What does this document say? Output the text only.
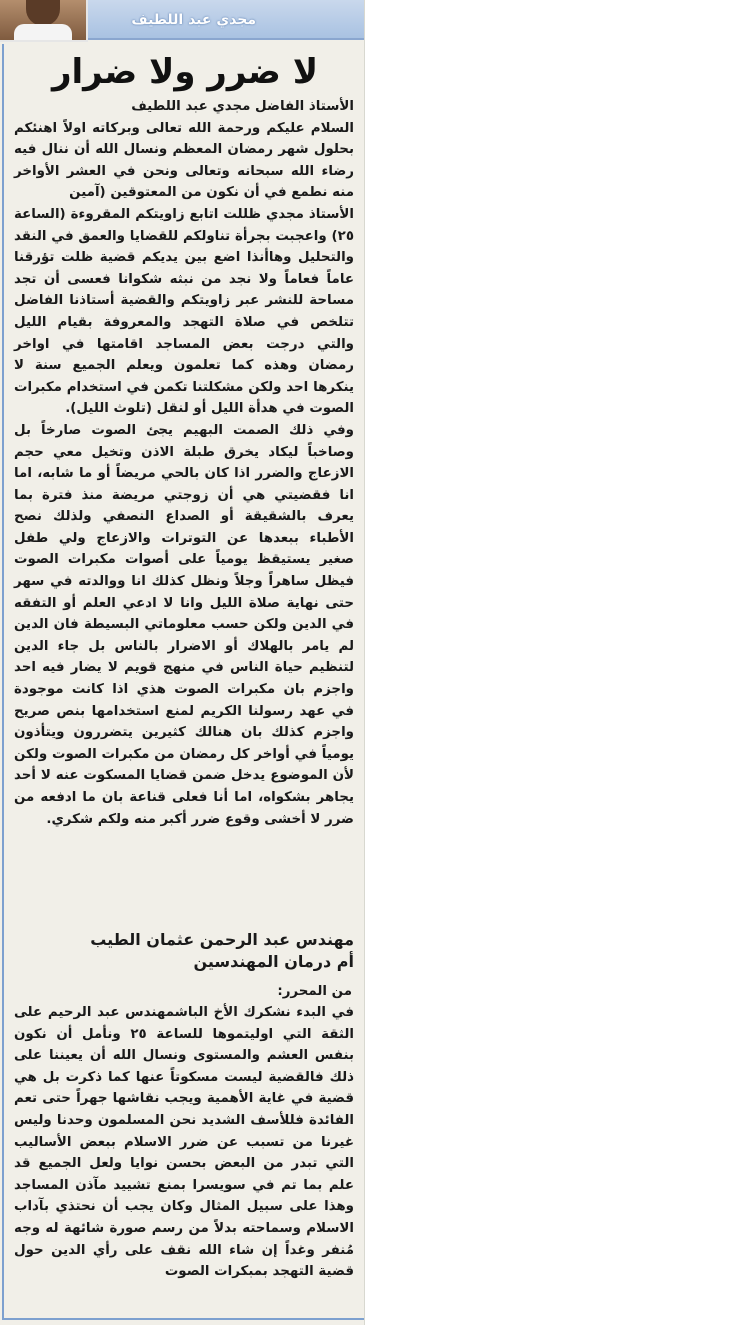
مجدي عبد اللطيف
لا ضرر ولا ضرار

الأستاذ الفاضل مجدي عبد اللطيف

السلام عليكم ورحمة الله تعالى وبركاته اولاً اهنئكم بحلول شهر رمضان المعظم ونسال الله أن ننال فيه رضاء الله سبحانه وتعالى ونحن في العشر الأواخر منه نطمع في أن نكون من المعتوقين (آمين

الأستاذ مجدي ظللت اتابع زاويتكم المقروءة (الساعة ٢٥) واعجبت بجرأة تناولكم للقضايا والعمق في النقد والتحليل وهاأنذا اضع بين يديكم قضية ظلت تؤرقنا عاماً فعاماً ولا نجد من نبثه شكوانا فعسى أن تجد مساحة للنشر عبر زاويتكم والقضية أستاذنا الفاضل تتلخص في صلاة التهجد والمعروفة بقيام الليل والتي درجت بعض المساجد اقامتها في اواخر رمضان وهذه كما تعلمون ويعلم الجميع سنة لا ينكرها احد ولكن مشكلتنا تكمن في استخدام مكبرات الصوت في هدأة الليل أو لنقل (تلوث الليل).

وفي ذلك الصمت البهيم يجئ الصوت صارخاً بل وصاخباً ليكاد يخرق طبلة الاذن وتخيل معي حجم الازعاج والضرر اذا كان بالحي مريضاً أو ما شابه، اما انا فقضيتي هي أن زوجتي مريضة منذ فترة بما يعرف بالشقيقة أو الصداع النصفي ولذلك نصح الأطباء ببعدها عن التوترات والازعاج ولي طفل صغير يستيقظ يومياً على أصوات مكبرات الصوت فيظل ساهراً وجلاً ونظل كذلك انا ووالدته في سهر حتى نهاية صلاة الليل وانا لا ادعي العلم أو التفقه في الدين ولكن حسب معلوماتي البسيطة فان الدين لم يامر بالهلاك أو الاضرار بالناس بل جاء الدين لتنظيم حياة الناس في منهج قويم لا يضار فيه احد واجزم بان مكبرات الصوت هذي اذا كانت موجودة في عهد رسولنا الكريم لمنع استخدامها بنص صريح واجزم كذلك بان هنالك كثيرين يتضررون ويتأذون يومياً في أواخر كل رمضان من مكبرات الصوت ولكن لأن الموضوع يدخل ضمن قضايا المسكوت عنه لا أحد يجاهر بشكواه، اما أنا فعلى قناعة بان ما ادفعه من ضرر لا أخشى وقوع ضرر أكبر منه ولكم شكري.

مهندس عبد الرحمن عثمان الطيب
أم درمان المهندسين
من المحرر:
في البدء نشكرك الأخ الباشمهندس عبد الرحيم على الثقة التي اوليتموها للساعة ٢٥ ونأمل أن نكون بنفس العشم والمستوى ونسال الله أن يعيننا على ذلك فالقضية ليست مسكوتاً عنها كما ذكرت بل هي قضية في غاية الأهمية ويجب نقاشها جهراً حتى تعم الفائدة فللأسف الشديد نحن المسلمون وحدنا وليس غيرنا من تسبب عن ضرر الاسلام ببعض الأساليب التي تبدر من البعض بحسن نوايا ولعل الجميع قد علم بما تم في سويسرا بمنع تشييد مآذن المساجد وهذا على سبيل المثال وكان يجب أن نحتذي بآداب الاسلام وسماحته بدلاً من رسم صورة شائهة له وجه مُنفر وغداً إن شاء الله نقف على رأي الدين حول قضية التهجد بمبكرات الصوت
